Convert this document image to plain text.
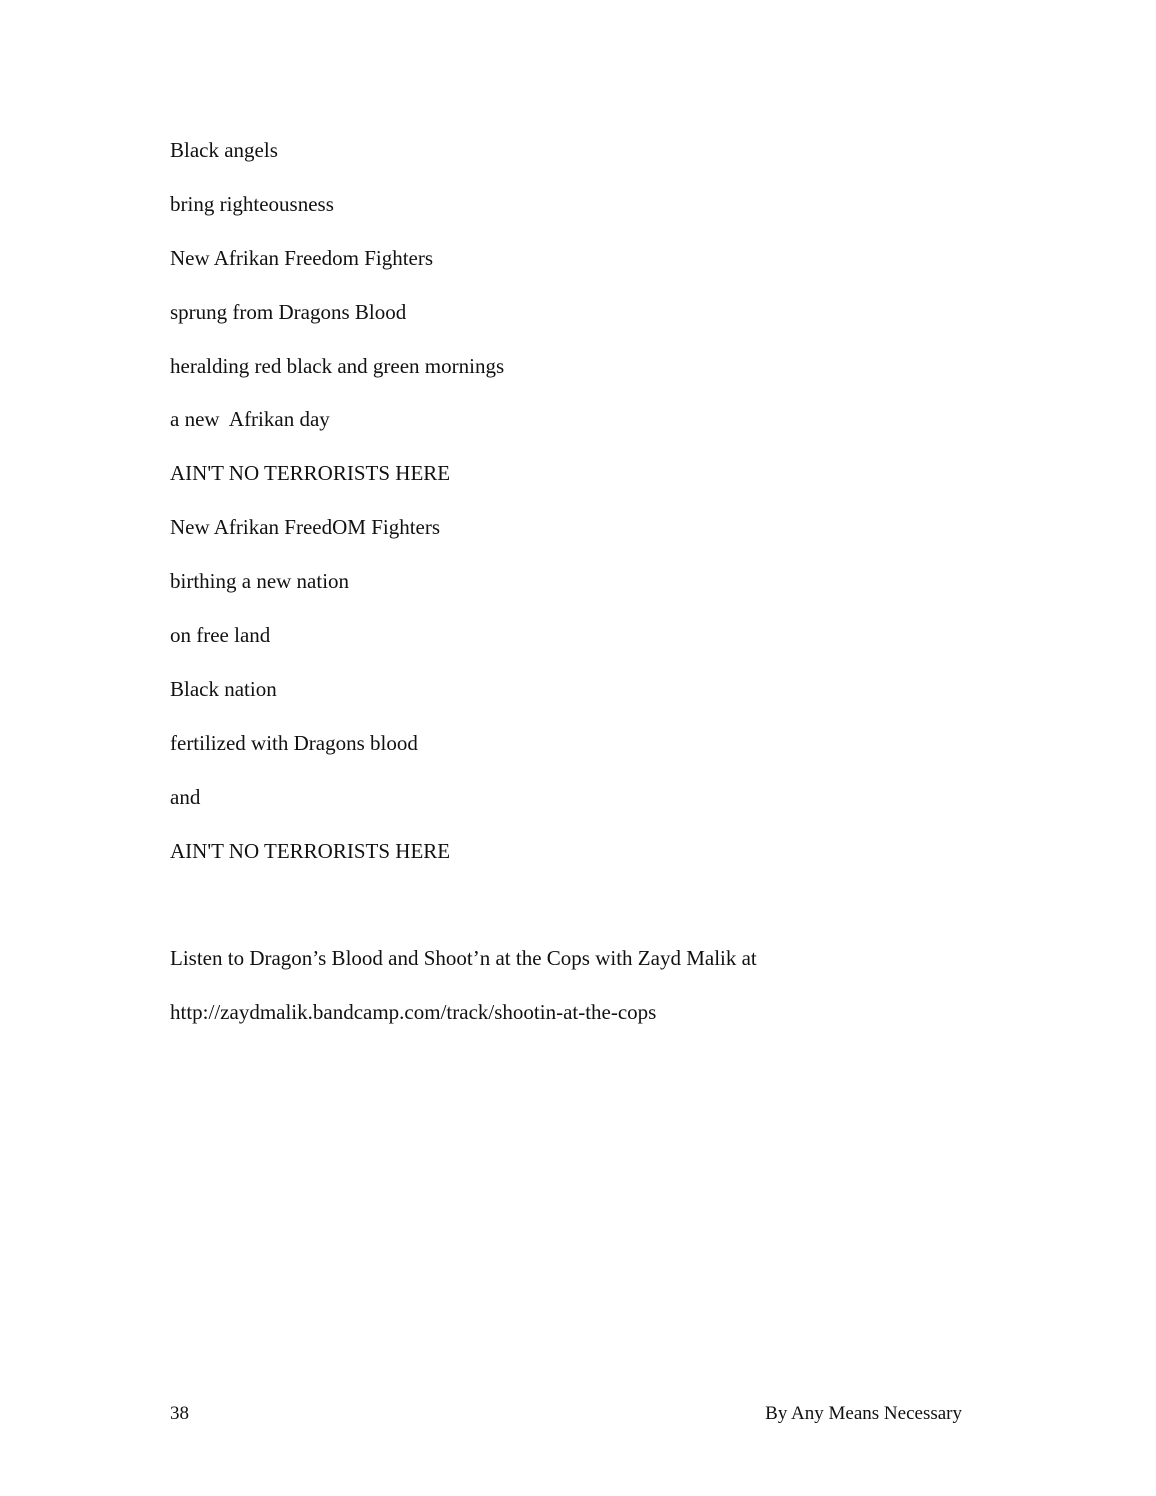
Black angels
bring righteousness
New Afrikan Freedom Fighters
sprung from Dragons Blood
heralding red black and green mornings
a new  Afrikan day
AIN'T NO TERRORISTS HERE
New Afrikan FreedOM Fighters
birthing a new nation
on free land
Black nation
fertilized with Dragons blood
and
AIN'T NO TERRORISTS HERE

Listen to Dragon’s Blood and Shoot’n at the Cops with Zayd Malik at

http://zaydmalik.bandcamp.com/track/shootin-at-the-cops

38	By Any Means Necessary
